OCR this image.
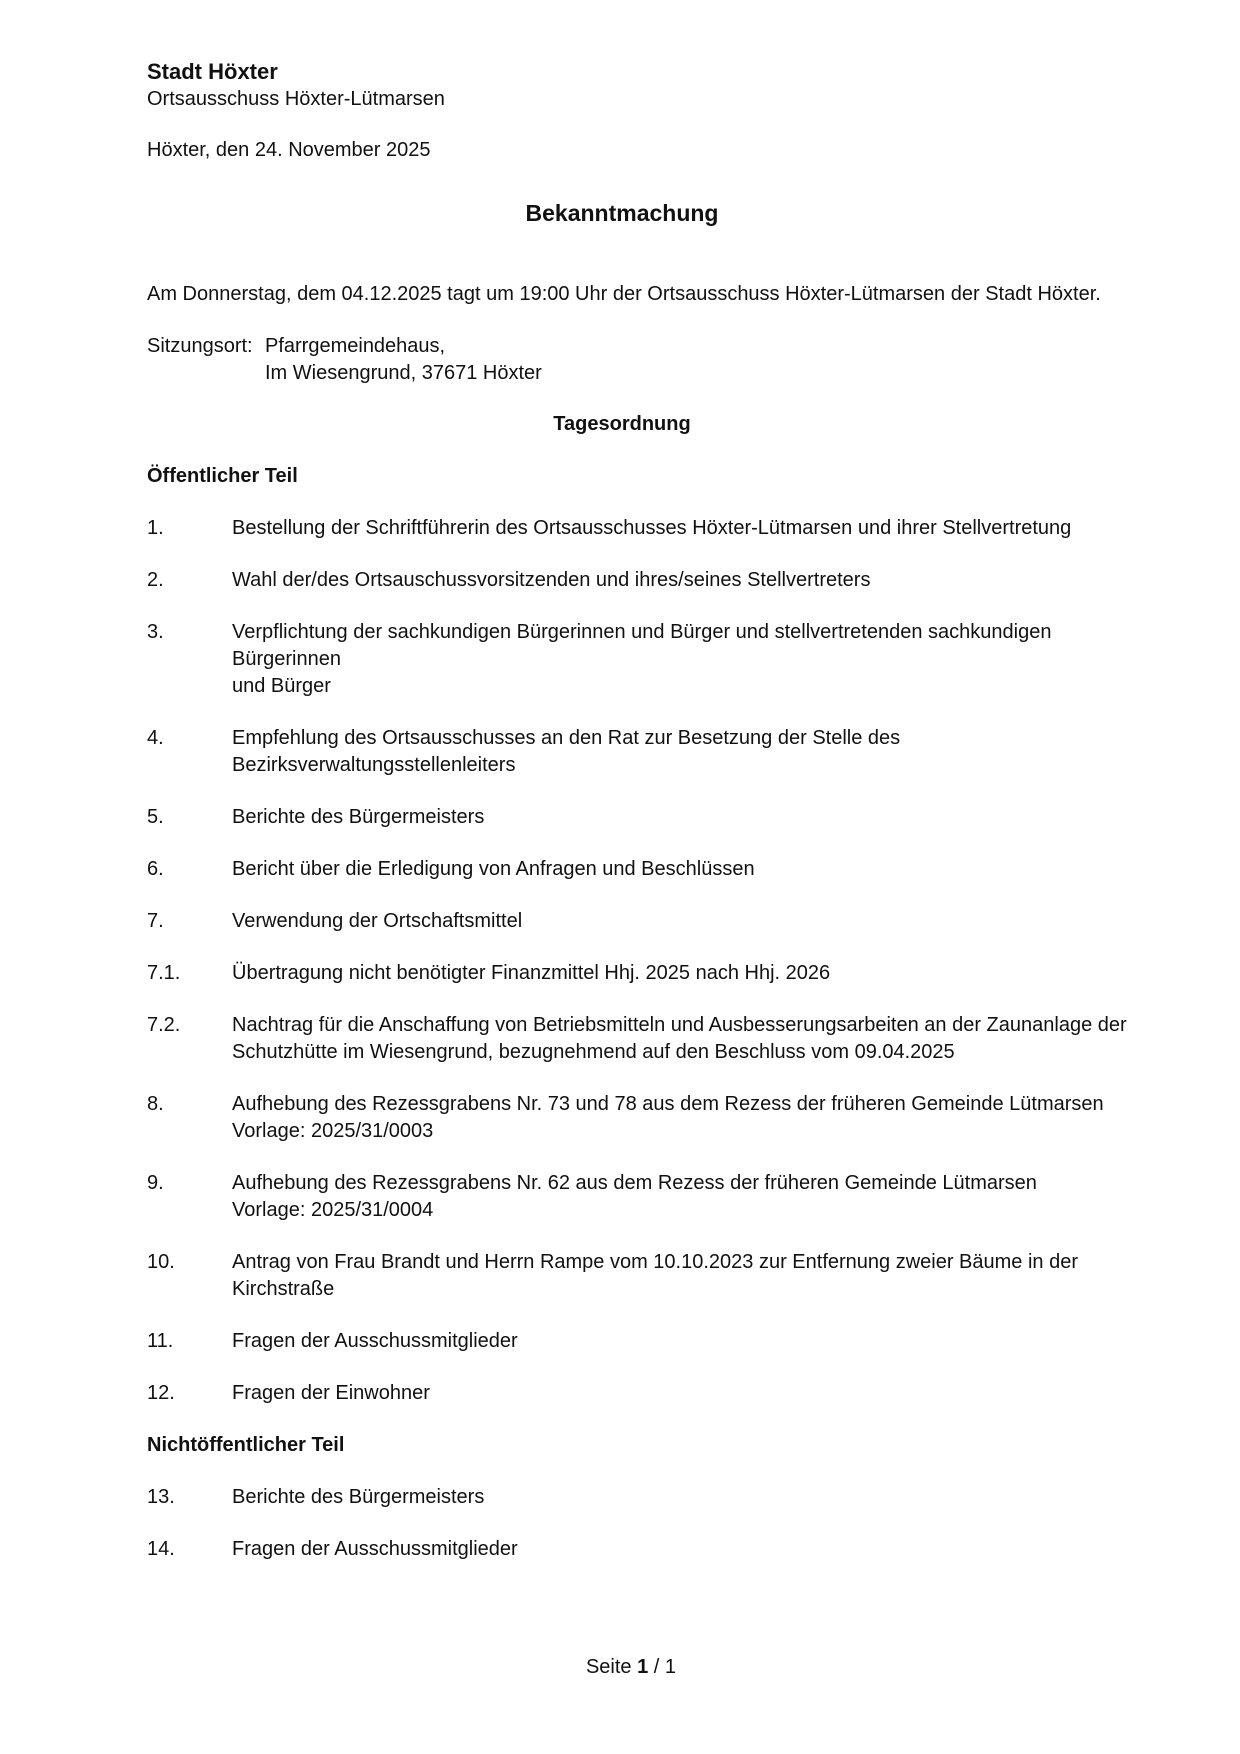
Stadt Höxter
Ortsausschuss Höxter-Lütmarsen
Höxter, den 24. November 2025
Bekanntmachung
Am Donnerstag, dem 04.12.2025 tagt um 19:00 Uhr der Ortsausschuss Höxter-Lütmarsen der Stadt Höxter.
Sitzungsort: Pfarrgemeindehaus,
Im Wiesengrund, 37671 Höxter
Tagesordnung
Öffentlicher Teil
1.	Bestellung der Schriftführerin des Ortsausschusses Höxter-Lütmarsen und ihrer Stellvertretung
2.	Wahl der/des Ortsauschussvorsitzenden und ihres/seines Stellvertreters
3.	Verpflichtung der sachkundigen Bürgerinnen und Bürger und stellvertretenden sachkundigen Bürgerinnen
und Bürger
4.	Empfehlung des Ortsausschusses an den Rat zur Besetzung der Stelle des
Bezirksverwaltungsstellenleiters
5.	Berichte des Bürgermeisters
6.	Bericht über die Erledigung von Anfragen und Beschlüssen
7.	Verwendung der Ortschaftsmittel
7.1.	Übertragung nicht benötigter Finanzmittel Hhj. 2025 nach Hhj. 2026
7.2.	Nachtrag für die Anschaffung von Betriebsmitteln und Ausbesserungsarbeiten an der Zaunanlage der
Schutzhütte im Wiesengrund, bezugnehmend auf den Beschluss vom 09.04.2025
8.	Aufhebung des Rezessgrabens Nr. 73 und 78 aus dem Rezess der früheren Gemeinde Lütmarsen
Vorlage: 2025/31/0003
9.	Aufhebung des Rezessgrabens Nr. 62 aus dem Rezess der früheren Gemeinde Lütmarsen
Vorlage: 2025/31/0004
10.	Antrag von Frau Brandt und Herrn Rampe vom 10.10.2023 zur Entfernung zweier Bäume in der
Kirchstraße
11.	Fragen der Ausschussmitglieder
12.	Fragen der Einwohner
Nichtöffentlicher Teil
13.	Berichte des Bürgermeisters
14.	Fragen der Ausschussmitglieder
Seite 1 / 1
